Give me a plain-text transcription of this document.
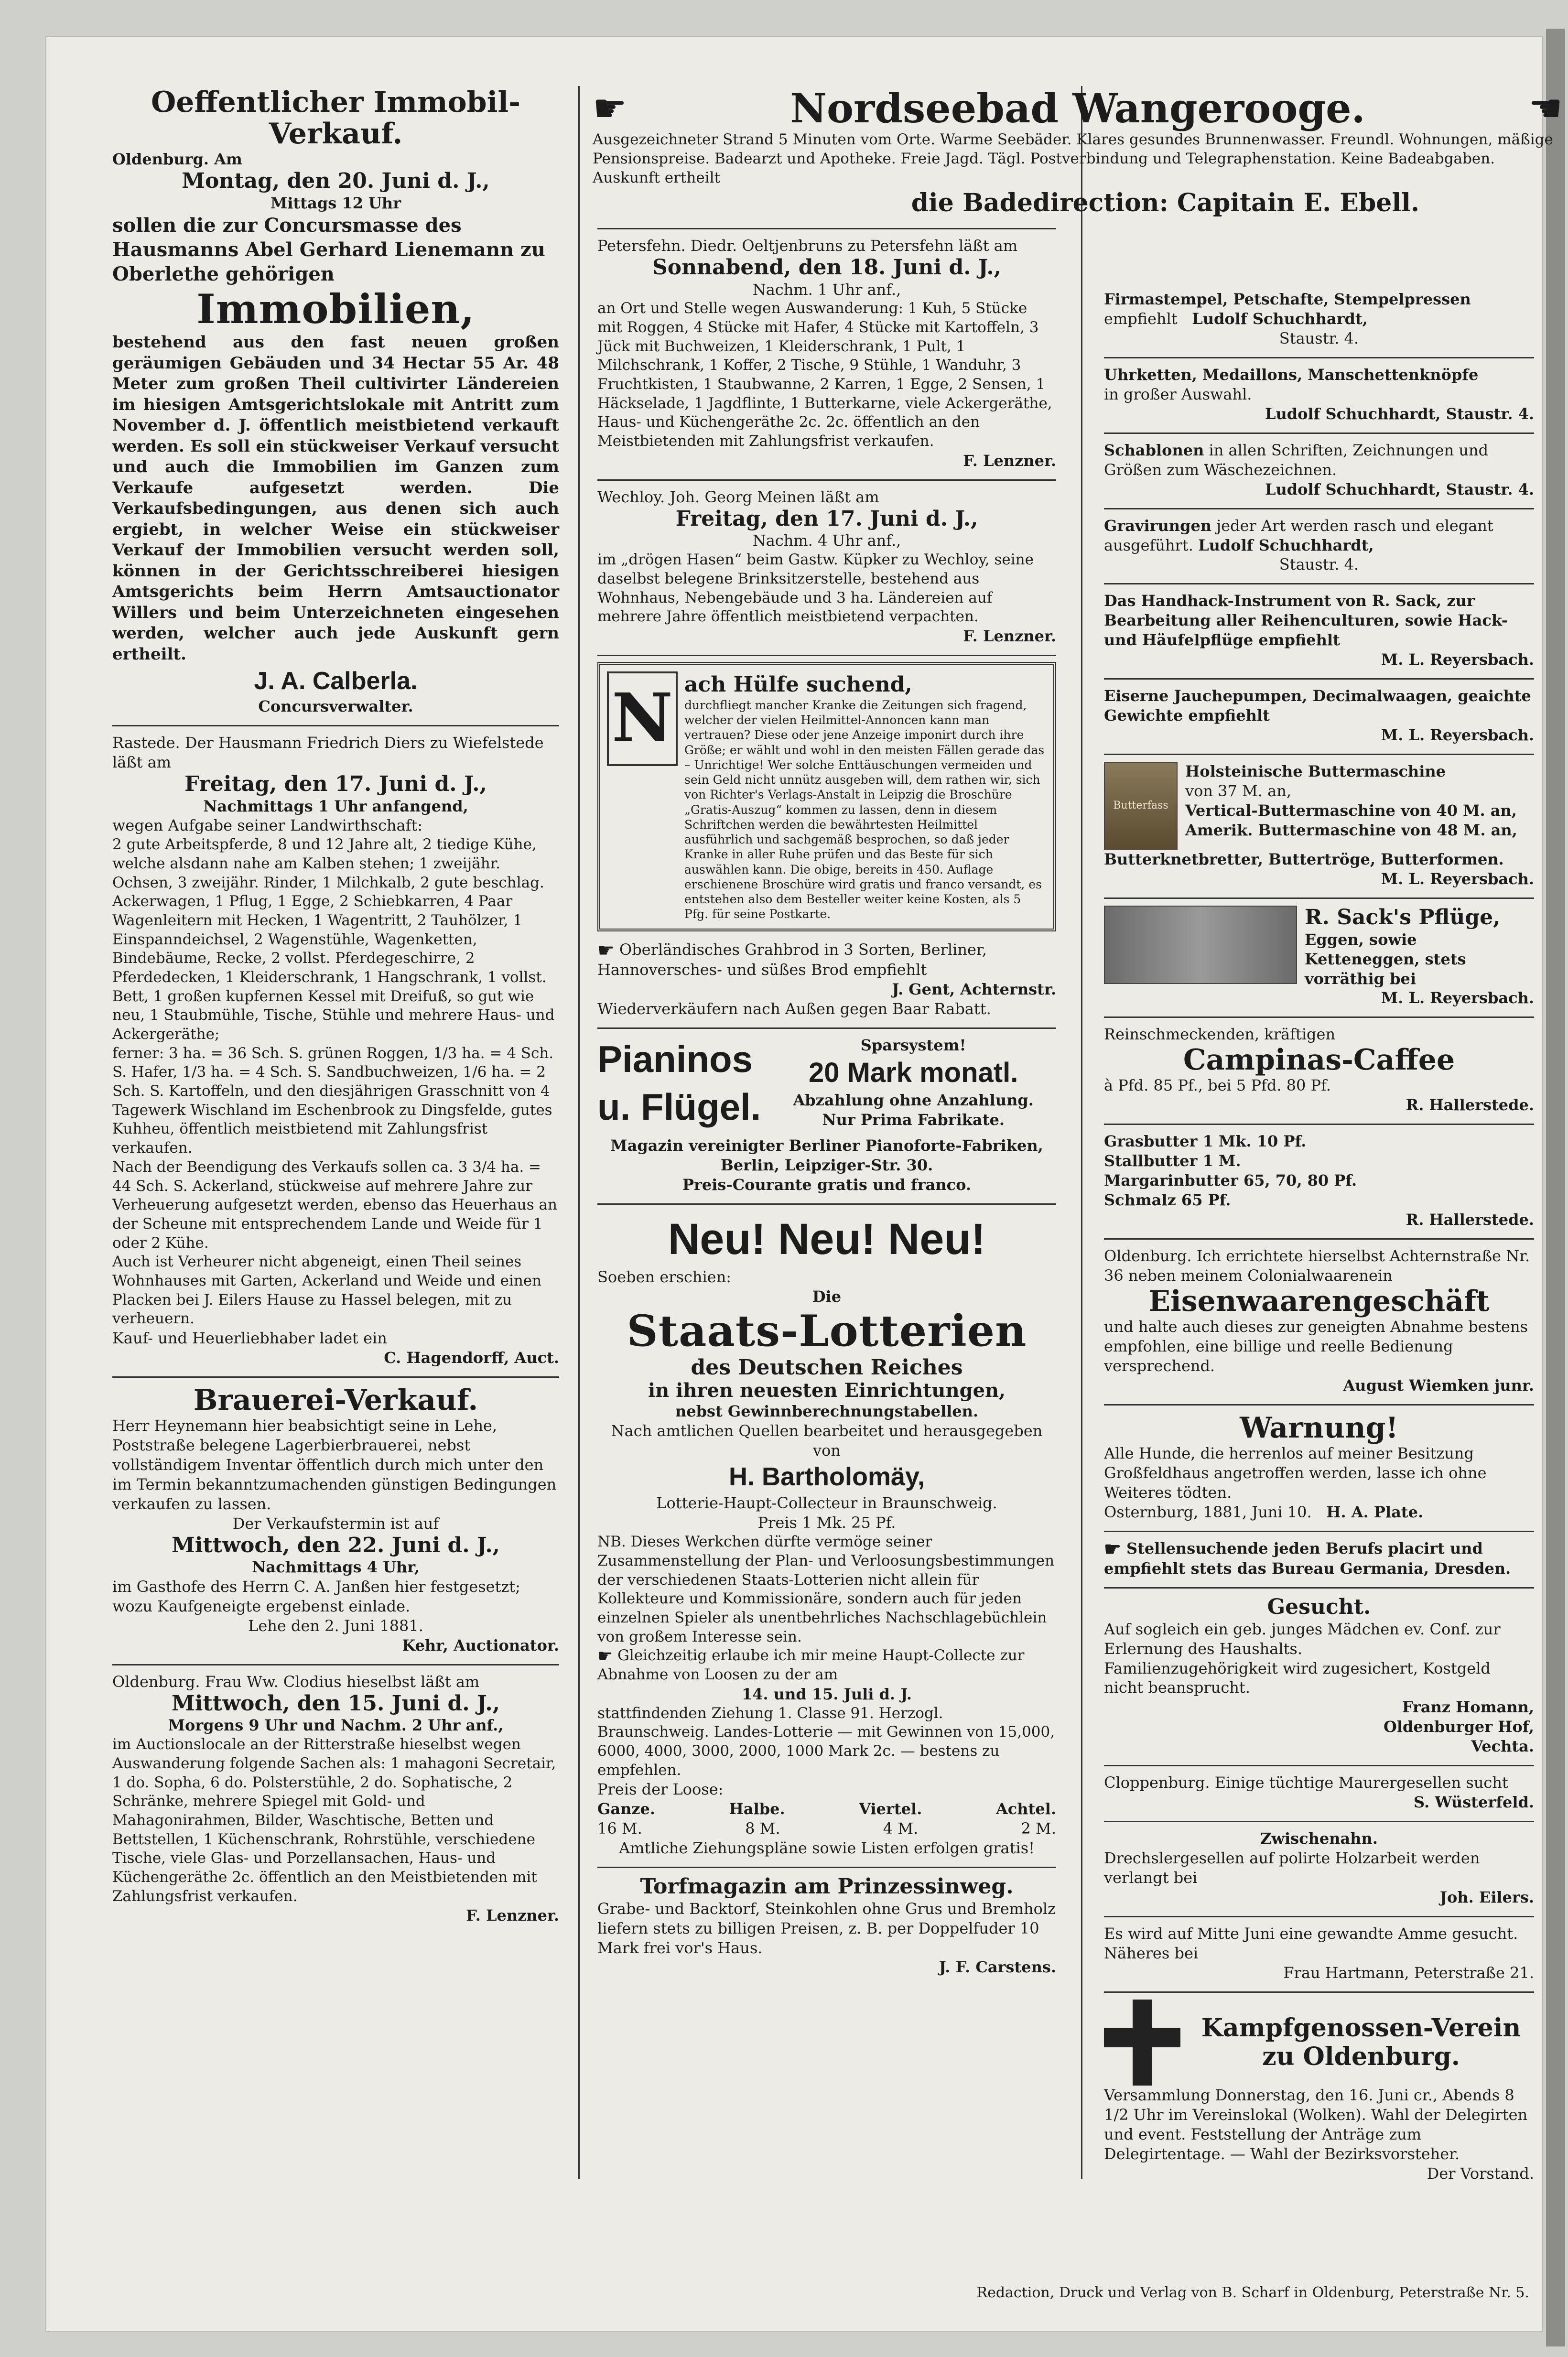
Oeffentlicher Immobil-Verkauf.

Oldenburg. Am

Montag, den 20. Juni d. J.,

Mittags 12 Uhr

sollen die zur Concursmasse des Hausmanns Abel Gerhard Lienemann zu Oberlethe gehörigen

Immobilien,

bestehend aus den fast neuen großen geräumigen Gebäuden und 34 Hectar 55 Ar. 48 Meter zum großen Theil cultivirter Ländereien im hiesigen Amtsgerichtslokale mit Antritt zum November d. J. öffentlich meistbietend verkauft werden. Es soll ein stückweiser Verkauf versucht und auch die Immobilien im Ganzen zum Verkaufe aufgesetzt werden. Die Verkaufsbedingungen, aus denen sich auch ergiebt, in welcher Weise ein stückweiser Verkauf der Immobilien versucht werden soll, können in der Gerichtsschreiberei hiesigen Amtsgerichts beim Herrn Amtsauctionator Willers und beim Unterzeichneten eingesehen werden, welcher auch jede Auskunft gern ertheilt.

J. A. Calberla.

Concursverwalter.

Rastede. Der Hausmann Friedrich Diers zu Wiefelstede läßt am

Freitag, den 17. Juni d. J.,

Nachmittags 1 Uhr anfangend,

wegen Aufgabe seiner Landwirthschaft:

2 gute Arbeitspferde, 8 und 12 Jahre alt, 2 tiedige Kühe, welche alsdann nahe am Kalben stehen; 1 zweijähr. Ochsen, 3 zweijähr. Rinder, 1 Milchkalb, 2 gute beschlag. Ackerwagen, 1 Pflug, 1 Egge, 2 Schiebkarren, 4 Paar Wagenleitern mit Hecken, 1 Wagentritt, 2 Tauhölzer, 1 Einspanndeichsel, 2 Wagenstühle, Wagenketten, Bindebäume, Recke, 2 vollst. Pferdegeschirre, 2 Pferdedecken, 1 Kleiderschrank, 1 Hangschrank, 1 vollst. Bett, 1 großen kupfernen Kessel mit Dreifuß, so gut wie neu, 1 Staubmühle, Tische, Stühle und mehrere Haus- und Ackergeräthe;

ferner: 3 ha. = 36 Sch. S. grünen Roggen, 1/3 ha. = 4 Sch. S. Hafer, 1/3 ha. = 4 Sch. S. Sandbuchweizen, 1/6 ha. = 2 Sch. S. Kartoffeln, und den diesjährigen Grasschnitt von 4 Tagewerk Wischland im Eschenbrook zu Dingsfelde, gutes Kuhheu, öffentlich meistbietend mit Zahlungsfrist verkaufen.

Nach der Beendigung des Verkaufs sollen ca. 3 3/4 ha. = 44 Sch. S. Ackerland, stückweise auf mehrere Jahre zur Verheuerung aufgesetzt werden, ebenso das Heuerhaus an der Scheune mit entsprechendem Lande und Weide für 1 oder 2 Kühe.

Auch ist Verheurer nicht abgeneigt, einen Theil seines Wohnhauses mit Garten, Ackerland und Weide und einen Placken bei J. Eilers Hause zu Hassel belegen, mit zu verheuern.

Kauf- und Heuerliebhaber ladet ein

C. Hagendorff, Auct.

Brauerei-Verkauf.

Herr Heynemann hier beabsichtigt seine in Lehe, Poststraße belegene Lagerbierbrauerei, nebst vollständigem Inventar öffentlich durch mich unter den im Termin bekanntzumachenden günstigen Bedingungen verkaufen zu lassen.

Der Verkaufstermin ist auf

Mittwoch, den 22. Juni d. J.,

Nachmittags 4 Uhr,

im Gasthofe des Herrn C. A. Janßen hier festgesetzt; wozu Kaufgeneigte ergebenst einlade.

Lehe den 2. Juni 1881.

Kehr, Auctionator.

Oldenburg. Frau Ww. Clodius hieselbst läßt am

Mittwoch, den 15. Juni d. J.,

Morgens 9 Uhr und Nachm. 2 Uhr anf.,

im Auctionslocale an der Ritterstraße hieselbst wegen Auswanderung folgende Sachen als: 1 mahagoni Secretair, 1 do. Sopha, 6 do. Polsterstühle, 2 do. Sophatische, 2 Schränke, mehrere Spiegel mit Gold- und Mahagonirahmen, Bilder, Waschtische, Betten und Bettstellen, 1 Küchenschrank, Rohrstühle, verschiedene Tische, viele Glas- und Porzellansachen, Haus- und Küchengeräthe 2c. öffentlich an den Meistbietenden mit Zahlungsfrist verkaufen.

F. Lenzner.

☛	Nordseebad Wangerooge.	☚

Ausgezeichneter Strand 5 Minuten vom Orte. Warme Seebäder. Klares gesundes Brunnenwasser. Freundl. Wohnungen, mäßige Pensionspreise. Badearzt und Apotheke. Freie Jagd. Tägl. Postverbindung und Telegraphenstation. Keine Badeabgaben. Auskunft ertheilt

die Badedirection: Capitain E. Ebell.

Petersfehn. Diedr. Oeltjenbruns zu Petersfehn läßt am

Sonnabend, den 18. Juni d. J.,

Nachm. 1 Uhr anf.,

an Ort und Stelle wegen Auswanderung: 1 Kuh, 5 Stücke mit Roggen, 4 Stücke mit Hafer, 4 Stücke mit Kartoffeln, 3 Jück mit Buchweizen, 1 Kleiderschrank, 1 Pult, 1 Milchschrank, 1 Koffer, 2 Tische, 9 Stühle, 1 Wanduhr, 3 Fruchtkisten, 1 Staubwanne, 2 Karren, 1 Egge, 2 Sensen, 1 Häckselade, 1 Jagdflinte, 1 Butterkarne, viele Ackergeräthe, Haus- und Küchengeräthe 2c. 2c. öffentlich an den Meistbietenden mit Zahlungsfrist verkaufen.

F. Lenzner.

Wechloy. Joh. Georg Meinen läßt am

Freitag, den 17. Juni d. J.,

Nachm. 4 Uhr anf.,

im „drögen Hasen“ beim Gastw. Küpker zu Wechloy, seine daselbst belegene Brinksitzerstelle, bestehend aus Wohnhaus, Nebengebäude und 3 ha. Ländereien auf mehrere Jahre öffentlich meistbietend verpachten.

F. Lenzner.

N ach Hülfe suchend,

durchfliegt mancher Kranke die Zeitungen sich fragend, welcher der vielen Heilmittel-Annoncen kann man vertrauen? Diese oder jene Anzeige imponirt durch ihre Größe; er wählt und wohl in den meisten Fällen gerade das – Unrichtige! Wer solche Enttäuschungen vermeiden und sein Geld nicht unnütz ausgeben will, dem rathen wir, sich von Richter's Verlags-Anstalt in Leipzig die Broschüre „Gratis-Auszug“ kommen zu lassen, denn in diesem Schriftchen werden die bewährtesten Heilmittel ausführlich und sachgemäß besprochen, so daß jeder Kranke in aller Ruhe prüfen und das Beste für sich auswählen kann. Die obige, bereits in 450. Auflage erschienene Broschüre wird gratis und franco versandt, es entstehen also dem Besteller weiter keine Kosten, als 5 Pfg. für seine Postkarte.

☛ Oberländisches Grahbrod in 3 Sorten, Berliner, Hannoversches- und süßes Brod empfiehlt

J. Gent, Achternstr.

Wiederverkäufern nach Außen gegen Baar Rabatt.

Pianinos
u. Flügel.

Sparsystem!

20 Mark monatl.

Abzahlung ohne Anzahlung.

Nur Prima Fabrikate.

Magazin vereinigter Berliner Pianoforte-Fabriken,

Berlin, Leipziger-Str. 30.

Preis-Courante gratis und franco.

Neu! Neu! Neu!

Soeben erschien:

Die

Staats-Lotterien

des Deutschen Reiches

in ihren neuesten Einrichtungen,

nebst Gewinnberechnungstabellen.

Nach amtlichen Quellen bearbeitet und herausgegeben

von

H. Bartholomäy,

Lotterie-Haupt-Collecteur in Braunschweig.

Preis 1 Mk. 25 Pf.

NB. Dieses Werkchen dürfte vermöge seiner Zusammenstellung der Plan- und Verloosungsbestimmungen der verschiedenen Staats-Lotterien nicht allein für Kollekteure und Kommissionäre, sondern auch für jeden einzelnen Spieler als unentbehrliches Nachschlagebüchlein von großem Interesse sein.

☛ Gleichzeitig erlaube ich mir meine Haupt-Collecte zur Abnahme von Loosen zu der am

14. und 15. Juli d. J.

stattfindenden Ziehung 1. Classe 91. Herzogl. Braunschweig. Landes-Lotterie — mit Gewinnen von 15,000, 6000, 4000, 3000, 2000, 1000 Mark 2c. — bestens zu empfehlen.

Preis der Loose:

Ganze.	Halbe.	Viertel.	Achtel.
16 M.	8 M.	4 M.	2 M.

Amtliche Ziehungspläne sowie Listen erfolgen gratis!

Torfmagazin am Prinzessinweg.

Grabe- und Backtorf, Steinkohlen ohne Grus und Bremholz liefern stets zu billigen Preisen, z. B. per Doppelfuder 10 Mark frei vor's Haus.

J. F. Carstens.

Firmastempel, Petschafte, Stempelpressen

empfiehlt Ludolf Schuchhardt,

Staustr. 4.

Uhrketten, Medaillons, Manschettenknöpfe

in großer Auswahl.

Ludolf Schuchhardt, Staustr. 4.

Schablonen in allen Schriften, Zeichnungen und Größen zum Wäschezeichnen.

Ludolf Schuchhardt, Staustr. 4.

Gravirungen jeder Art werden rasch und elegant ausgeführt. Ludolf Schuchhardt,

Staustr. 4.

Das Handhack-Instrument von R. Sack, zur Bearbeitung aller Reihenculturen, sowie Hack- und Häufelpflüge empfiehlt

M. L. Reyersbach.

Eiserne Jauchepumpen, Decimalwaagen, geaichte Gewichte empfiehlt

M. L. Reyersbach.

Butterfass

Holsteinische Buttermaschine

von 37 M. an,

Vertical-Buttermaschine von 40 M. an,

Amerik. Buttermaschine von 48 M. an,

Butterknetbretter, Buttertröge, Butterformen.

M. L. Reyersbach.

R. Sack's Pflüge,

Eggen, sowie Ketteneggen, stets vorräthig bei

M. L. Reyersbach.

Reinschmeckenden, kräftigen

Campinas-Caffee

à Pfd. 85 Pf., bei 5 Pfd. 80 Pf.

R. Hallerstede.

Grasbutter 1 Mk. 10 Pf.

Stallbutter 1 M.

Margarinbutter 65, 70, 80 Pf.

Schmalz 65 Pf.

R. Hallerstede.

Oldenburg. Ich errichtete hierselbst Achternstraße Nr. 36 neben meinem Colonialwaarenein

Eisenwaarengeschäft

und halte auch dieses zur geneigten Abnahme bestens empfohlen, eine billige und reelle Bedienung versprechend.

August Wiemken junr.

Warnung!

Alle Hunde, die herrenlos auf meiner Besitzung Großfeldhaus angetroffen werden, lasse ich ohne Weiteres tödten.

Osternburg, 1881, Juni 10. H. A. Plate.

☛ Stellensuchende jeden Berufs placirt und empfiehlt stets das Bureau Germania, Dresden.

Gesucht.

Auf sogleich ein geb. junges Mädchen ev. Conf. zur Erlernung des Haushalts.

Familienzugehörigkeit wird zugesichert, Kostgeld nicht beansprucht.

Franz Homann,

Oldenburger Hof,

Vechta.

Cloppenburg. Einige tüchtige Maurergesellen sucht

S. Wüsterfeld.

Zwischenahn.

Drechslergesellen auf polirte Holzarbeit werden verlangt bei

Joh. Eilers.

Es wird auf Mitte Juni eine gewandte Amme gesucht. Näheres bei

Frau Hartmann, Peterstraße 21.

Kampfgenossen-Verein zu Oldenburg.

Versammlung Donnerstag, den 16. Juni cr., Abends 8 1/2 Uhr im Vereinslokal (Wolken). Wahl der Delegirten und event. Feststellung der Anträge zum Delegirtentage. — Wahl der Bezirksvorsteher.

Der Vorstand.

Redaction, Druck und Verlag von B. Scharf in Oldenburg, Peterstraße Nr. 5.
